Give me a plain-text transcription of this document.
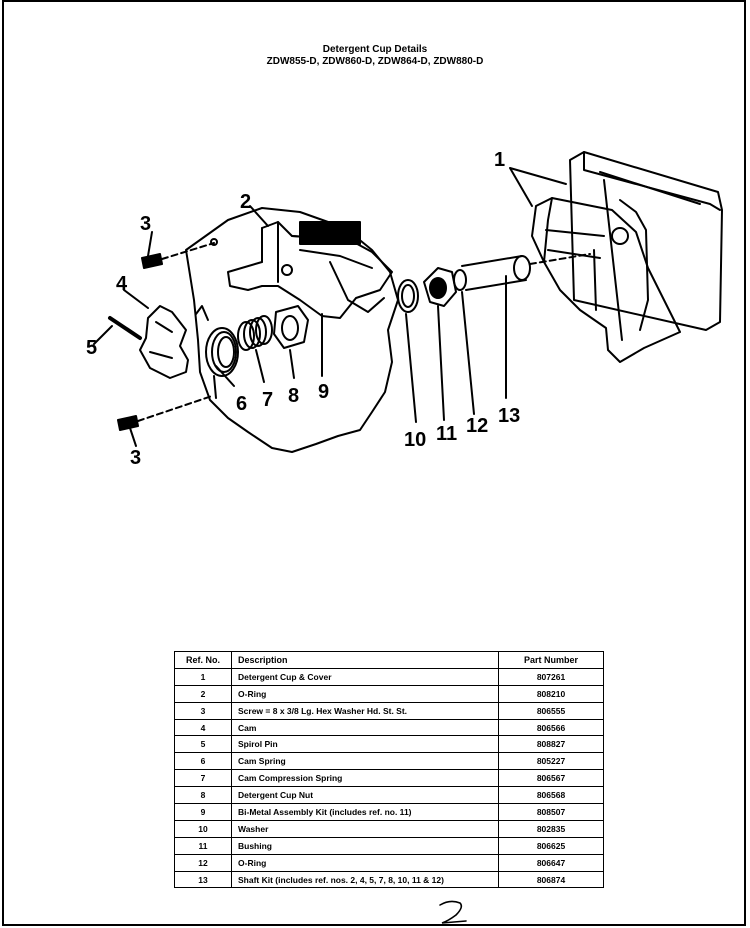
Detergent Cup Details
ZDW855-D, ZDW860-D, ZDW864-D, ZDW880-D
1
2
3
4
5
6 7 8 9
10 11 12 13
3
Ref. No.	Description	Part Number
1	Detergent Cup & Cover	807261
2	O-Ring	808210
3	Screw = 8 x 3/8 Lg. Hex Washer Hd. St. St.	806555
4	Cam	806566
5	Spirol Pin	808827
6	Cam Spring	805227
7	Cam Compression Spring	806567
8	Detergent Cup Nut	806568
9	Bi-Metal Assembly Kit (includes ref. no. 11)	808507
10	Washer	802835
11	Bushing	806625
12	O-Ring	806647
13	Shaft Kit (includes ref. nos. 2, 4, 5, 7, 8, 10, 11 & 12)	806874
